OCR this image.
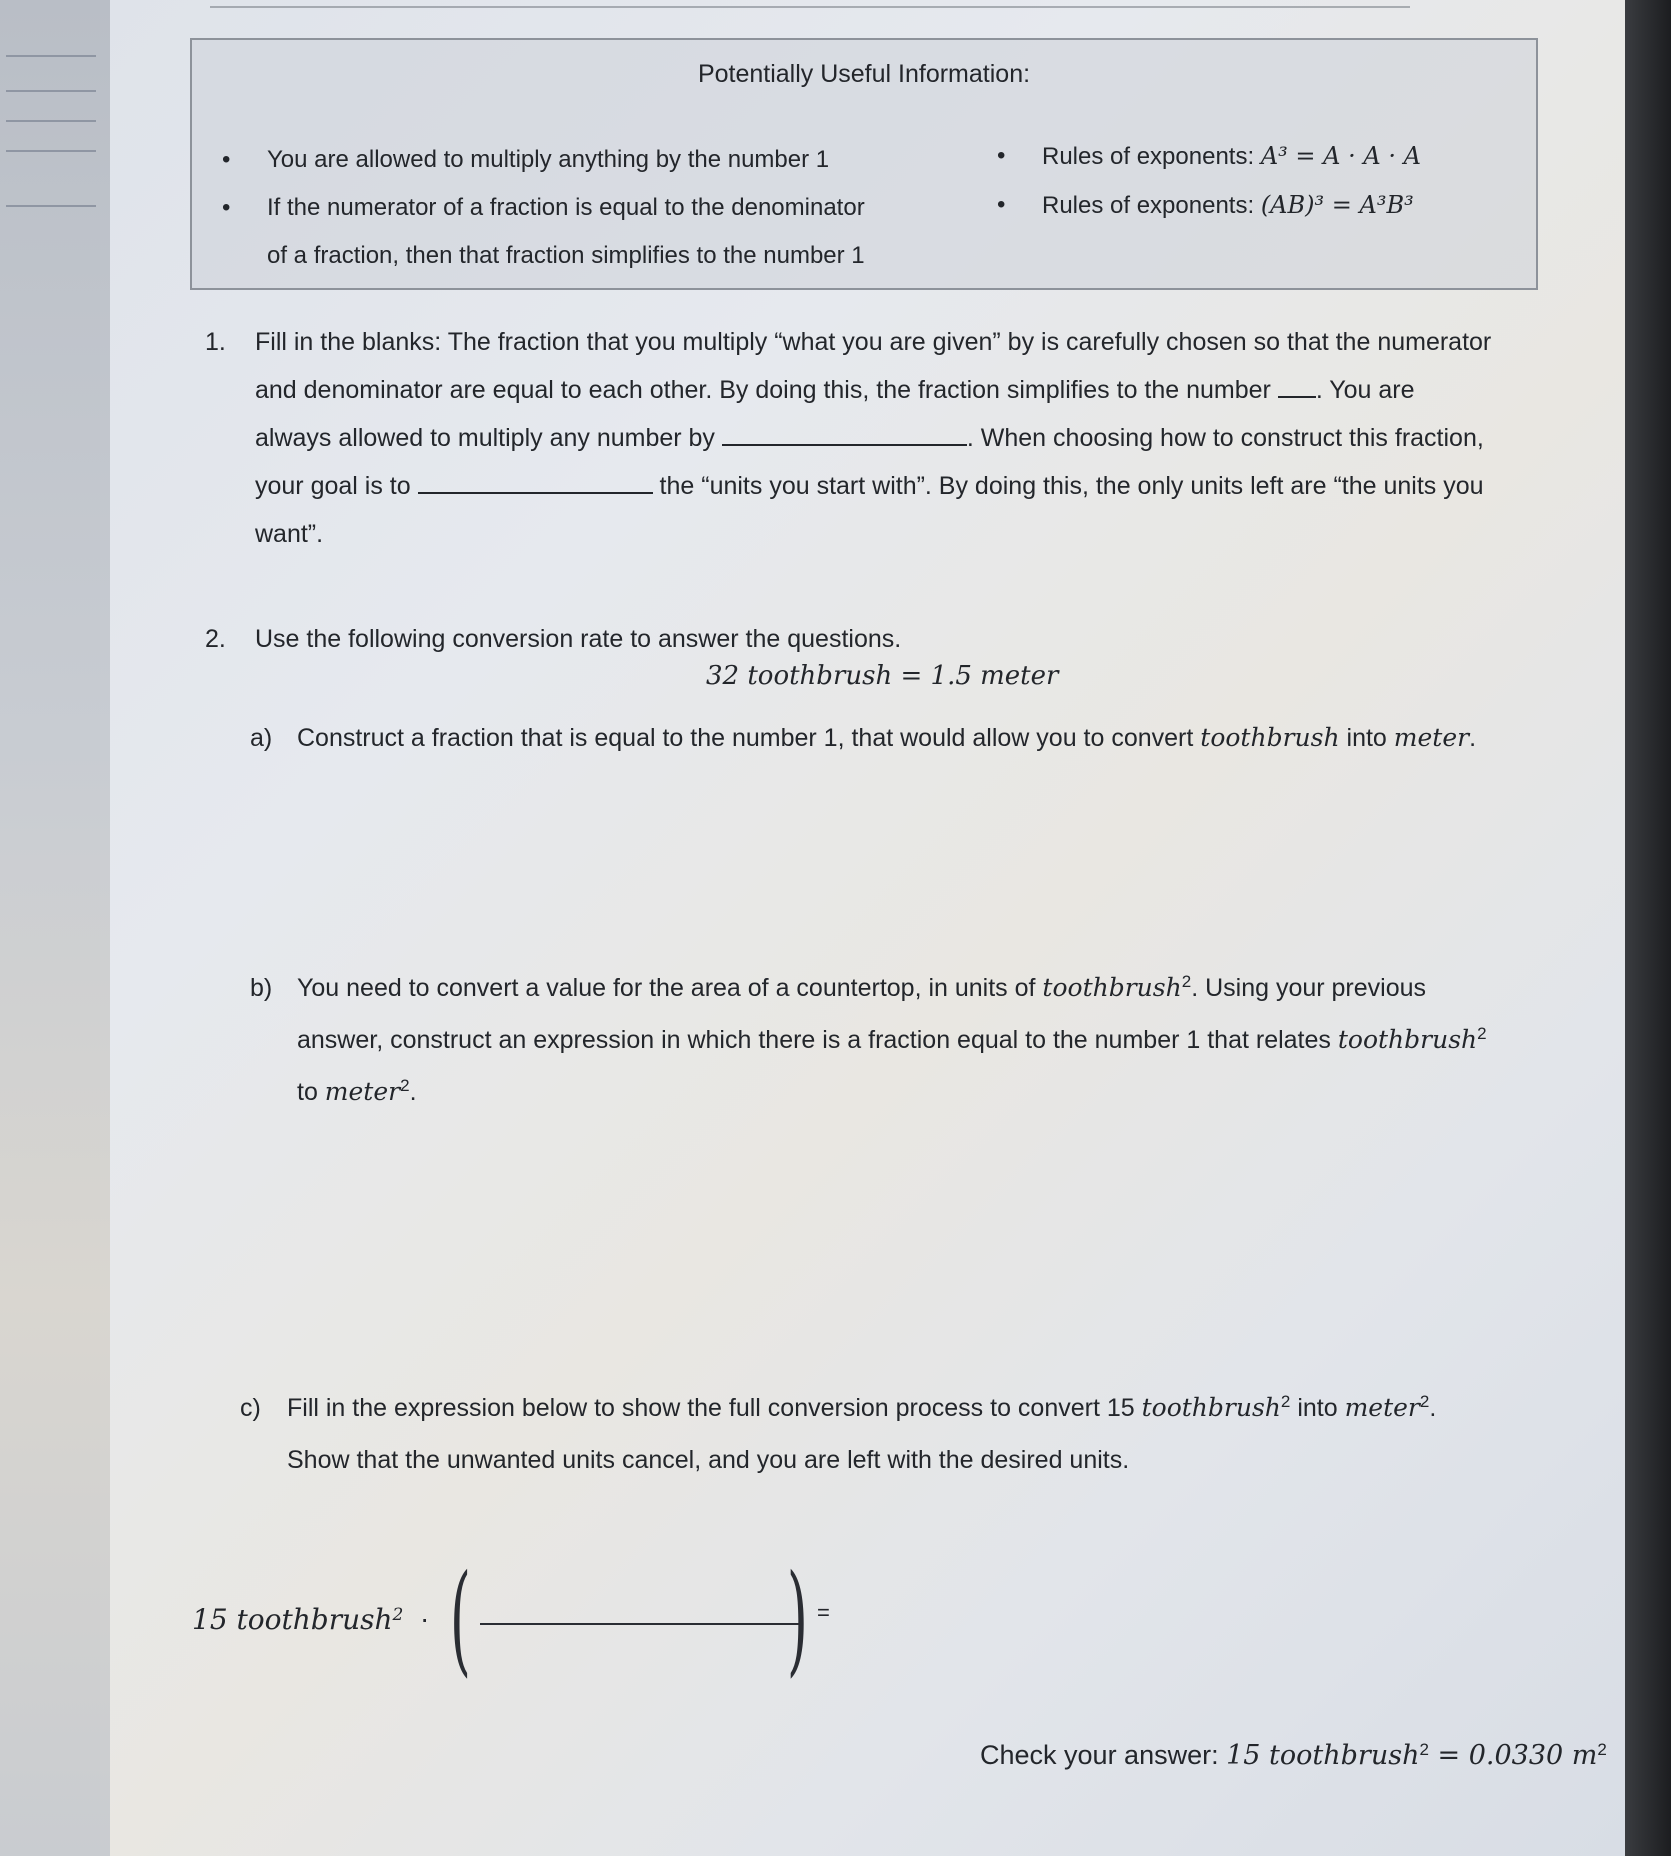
Potentially Useful Information:
• You are allowed to multiply anything by the number 1
• If the numerator of a fraction is equal to the denominator
of a fraction, then that fraction simplifies to the number 1
• Rules of exponents: A³ = A · A · A
• Rules of exponents: (AB)³ = A³B³
1. Fill in the blanks: The fraction that you multiply “what you are given” by is carefully chosen so that the numerator
and denominator are equal to each other. By doing this, the fraction simplifies to the number . You are
always allowed to multiply any number by	. When choosing how to construct this fraction,
your goal is to	the “units you start with”. By doing this, the only units left are “the units you
want”.
2. Use the following conversion rate to answer the questions.
32 toothbrush = 1.5 meter
a) Construct a fraction that is equal to the number 1, that would allow you to convert toothbrush into meter.
b) You need to convert a value for the area of a countertop, in units of toothbrush$^2$. Using your previous
answer, construct an expression in which there is a fraction equal to the number 1 that relates toothbrush$^2$
to meter$^2$.
c) Fill in the expression below to show the full conversion process to convert 15 toothbrush$^2$ into meter$^2$.
Show that the unwanted units cancel, and you are left with the desired units.
15 toothbrush$^2$ · (	) =
Check your answer: 15 toothbrush$^2$ = 0.0330 $m^2$
